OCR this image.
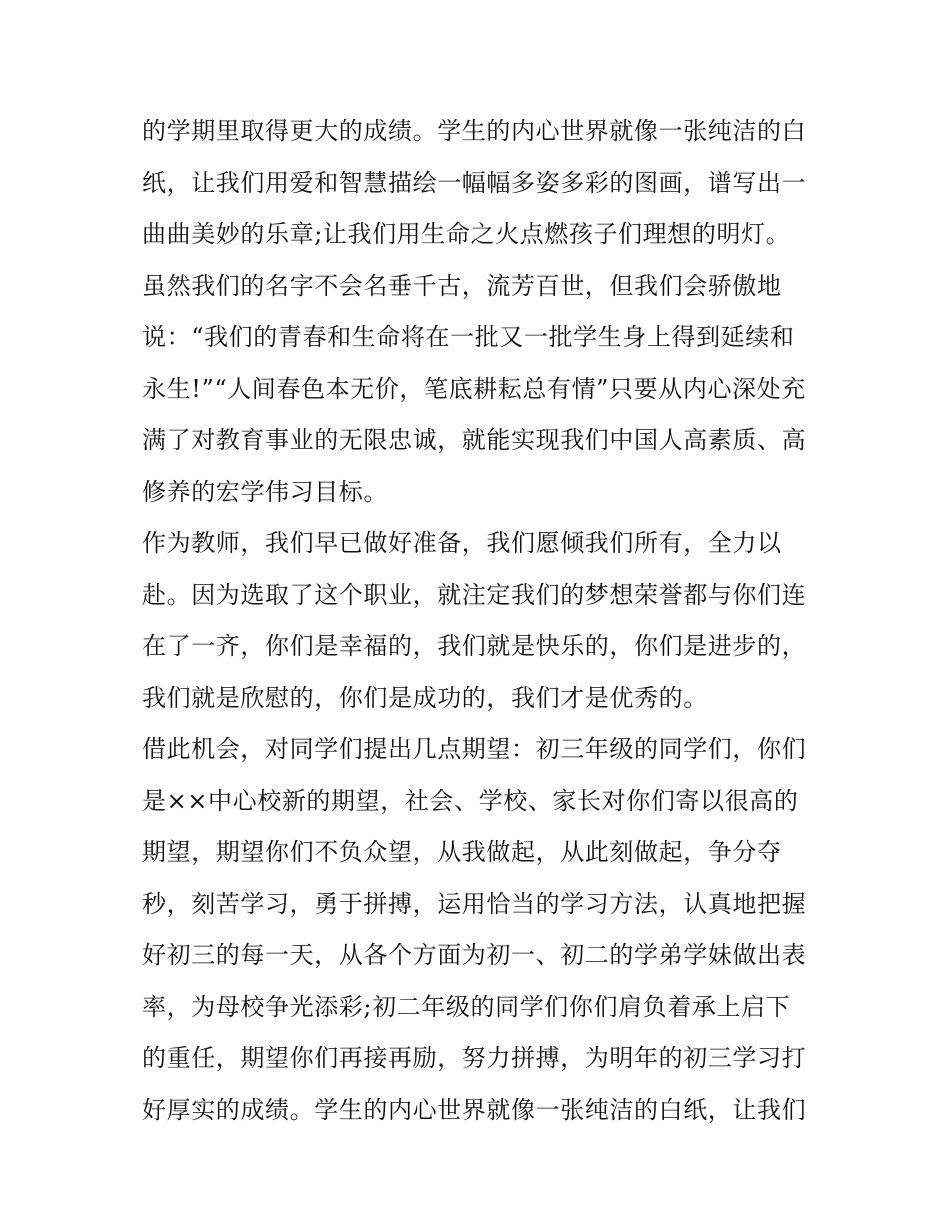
的学期里取得更大的成绩。学生的内心世界就像一张纯洁的白
纸，让我们用爱和智慧描绘一幅幅多姿多彩的图画，谱写出一
曲曲美妙的乐章;让我们用生命之火点燃孩子们理想的明灯。
虽然我们的名字不会名垂千古，流芳百世，但我们会骄傲地
说：“我们的青春和生命将在一批又一批学生身上得到延续和
永生!”“人间春色本无价，笔底耕耘总有情”只要从内心深处充
满了对教育事业的无限忠诚，就能实现我们中国人高素质、高
修养的宏学伟习目标。
作为教师，我们早已做好准备，我们愿倾我们所有，全力以
赴。因为选取了这个职业，就注定我们的梦想荣誉都与你们连
在了一齐，你们是幸福的，我们就是快乐的，你们是进步的，
我们就是欣慰的，你们是成功的，我们才是优秀的。
借此机会，对同学们提出几点期望：初三年级的同学们，你们
是××中心校新的期望，社会、学校、家长对你们寄以很高的
期望，期望你们不负众望，从我做起，从此刻做起，争分夺
秒，刻苦学习，勇于拼搏，运用恰当的学习方法，认真地把握
好初三的每一天，从各个方面为初一、初二的学弟学妹做出表
率，为母校争光添彩;初二年级的同学们你们肩负着承上启下
的重任，期望你们再接再励，努力拼搏，为明年的初三学习打
好厚实的成绩。学生的内心世界就像一张纯洁的白纸，让我们
